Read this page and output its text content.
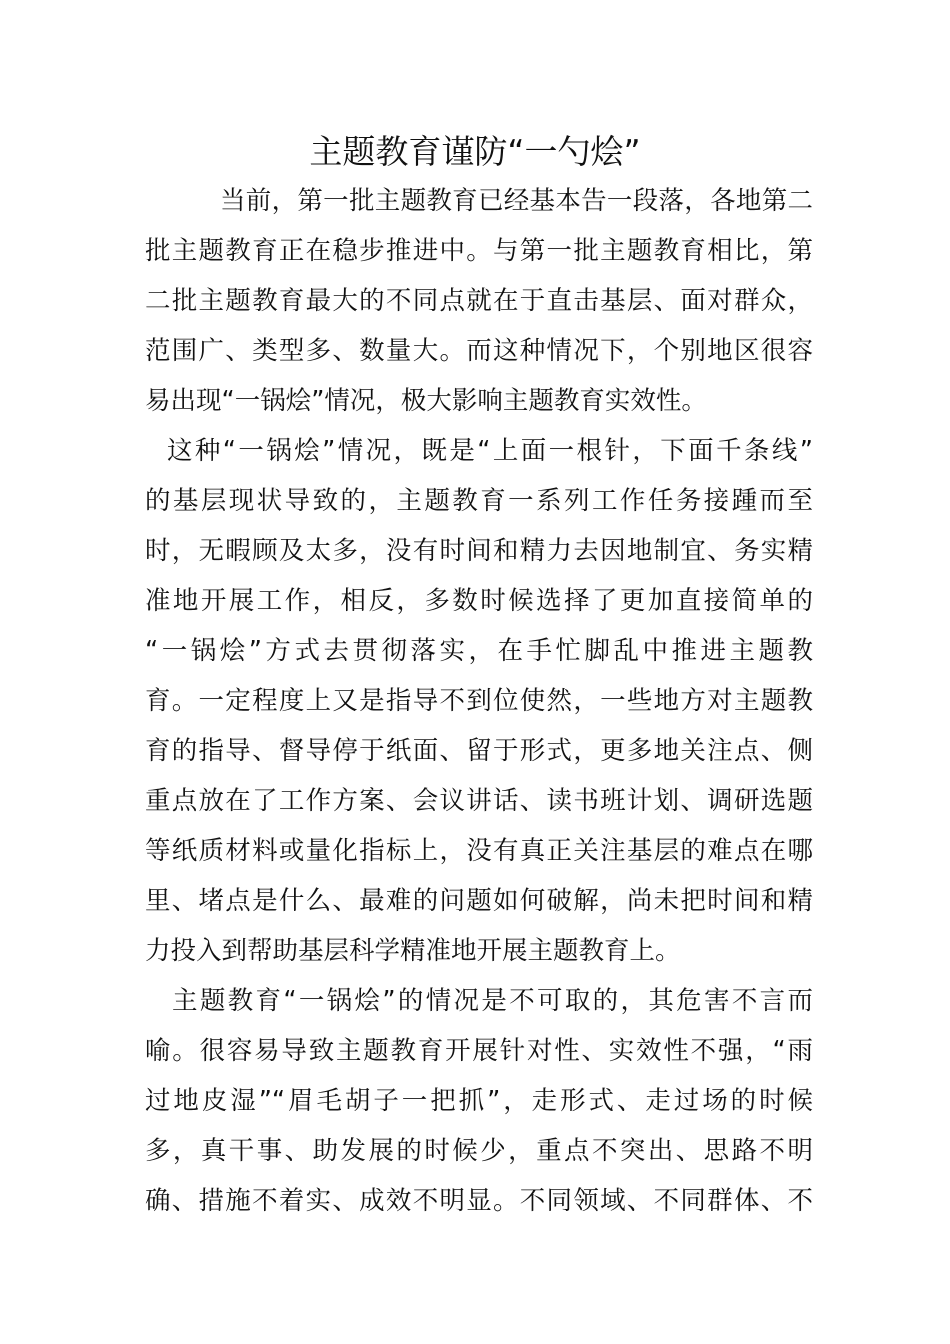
主题教育谨防“一勺烩”
当前，第一批主题教育已经基本告一段落，各地第二
批主题教育正在稳步推进中。与第一批主题教育相比，第
二批主题教育最大的不同点就在于直击基层、面对群众，
范围广、类型多、数量大。而这种情况下，个别地区很容
易出现“一锅烩”情况，极大影响主题教育实效性。
这种“一锅烩”情况，既是“上面一根针，下面千条线”
的基层现状导致的，主题教育一系列工作任务接踵而至
时，无暇顾及太多，没有时间和精力去因地制宜、务实精
准地开展工作，相反，多数时候选择了更加直接简单的
“一锅烩”方式去贯彻落实，在手忙脚乱中推进主题教
育。一定程度上又是指导不到位使然，一些地方对主题教
育的指导、督导停于纸面、留于形式，更多地关注点、侧
重点放在了工作方案、会议讲话、读书班计划、调研选题
等纸质材料或量化指标上，没有真正关注基层的难点在哪
里、堵点是什么、最难的问题如何破解，尚未把时间和精
力投入到帮助基层科学精准地开展主题教育上。
主题教育“一锅烩”的情况是不可取的，其危害不言而
喻。很容易导致主题教育开展针对性、实效性不强，“雨
过地皮湿”“眉毛胡子一把抓”，走形式、走过场的时候
多，真干事、助发展的时候少，重点不突出、思路不明
确、措施不着实、成效不明显。不同领域、不同群体、不
